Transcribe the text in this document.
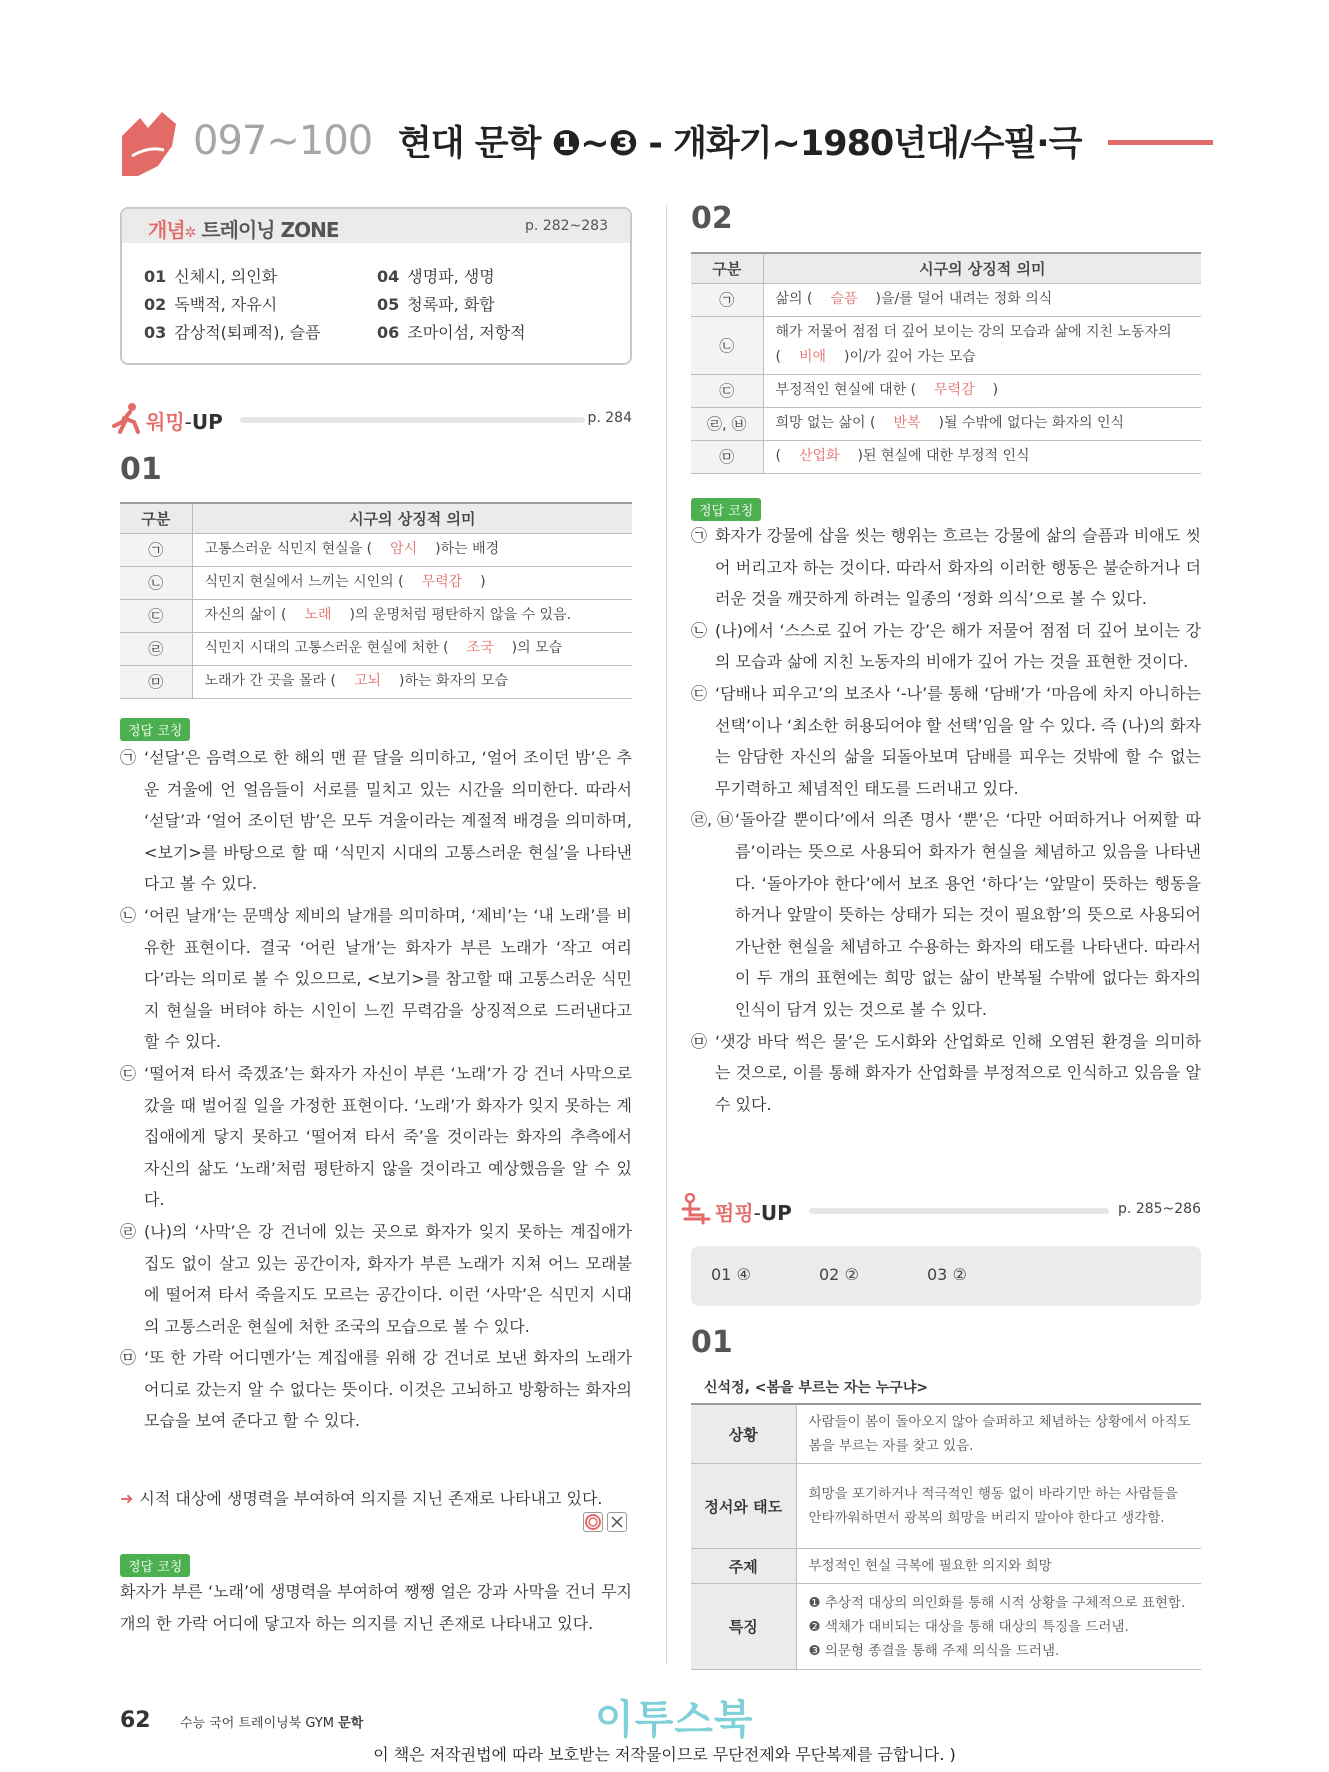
097~100 현대 문학 ❶~❸ - 개화기~1980년대/수필·극
개념✲ 트레이닝 ZONE	p. 282~283
01 신체시, 의인화
02 독백적, 자유시
03 감상적(퇴폐적), 슬픔
04 생명파, 생명
05 청록파, 화합
06 조마이섬, 저항적
워밍-UP	p. 284
01
구분	시구의 상징적 의미
㉠	고통스러운 식민지 현실을 ( 암시 )하는 배경
㉡	식민지 현실에서 느끼는 시인의 ( 무력감 )
㉢	자신의 삶이 ( 노래 )의 운명처럼 평탄하지 않을 수 있음.
㉣	식민지 시대의 고통스러운 현실에 처한 ( 조국 )의 모습
㉤	노래가 간 곳을 몰라 ( 고뇌 )하는 화자의 모습
정답 코칭

㉠ ‘섣달’은 음력으로 한 해의 맨 끝 달을 의미하고, ‘얼어 조이던 밤’은 추운 겨울에 언 얼음들이 서로를 밀치고 있는 시간을 의미한다. 따라서 ‘섣달’과 ‘얼어 조이던 밤’은 모두 겨울이라는 계절적 배경을 의미하며, <보기>를 바탕으로 할 때 ‘식민지 시대의 고통스러운 현실’을 나타낸다고 볼 수 있다.

㉡ ‘어린 날개’는 문맥상 제비의 날개를 의미하며, ‘제비’는 ‘내 노래’를 비유한 표현이다. 결국 ‘어린 날개’는 화자가 부른 노래가 ‘작고 여리다’라는 의미로 볼 수 있으므로, <보기>를 참고할 때 고통스러운 식민지 현실을 버텨야 하는 시인이 느낀 무력감을 상징적으로 드러낸다고 할 수 있다.

㉢ ‘떨어져 타서 죽겠죠’는 화자가 자신이 부른 ‘노래’가 강 건너 사막으로 갔을 때 벌어질 일을 가정한 표현이다. ‘노래’가 화자가 잊지 못하는 계집애에게 닿지 못하고 ‘떨어져 타서 죽’을 것이라는 화자의 추측에서 자신의 삶도 ‘노래’처럼 평탄하지 않을 것이라고 예상했음을 알 수 있다.

㉣ (나)의 ‘사막’은 강 건너에 있는 곳으로 화자가 잊지 못하는 계집애가 집도 없이 살고 있는 공간이자, 화자가 부른 노래가 지쳐 어느 모래불에 떨어져 타서 죽을지도 모르는 공간이다. 이런 ‘사막’은 식민지 시대의 고통스러운 현실에 처한 조국의 모습으로 볼 수 있다.

㉤ ‘또 한 가락 어디멘가’는 계집애를 위해 강 건너로 보낸 화자의 노래가 어디로 갔는지 알 수 없다는 뜻이다. 이것은 고뇌하고 방황하는 화자의 모습을 보여 준다고 할 수 있다.

➜ 시적 대상에 생명력을 부여하여 의지를 지닌 존재로 나타내고 있다.
정답 코칭
화자가 부른 ‘노래’에 생명력을 부여하여 쨍쨍 얼은 강과 사막을 건너 무지개의 한 가락 어디에 닿고자 하는 의지를 지닌 존재로 나타내고 있다.
02
구분	시구의 상징적 의미
㉠	삶의 ( 슬픔 )을/를 덜어 내려는 정화 의식
㉡	해가 저물어 점점 더 깊어 보이는 강의 모습과 삶에 지친 노동자의
( 비애 )이/가 깊어 가는 모습
㉢	부정적인 현실에 대한 ( 무력감 )
㉣, ㉥	희망 없는 삶이 ( 반복 )될 수밖에 없다는 화자의 인식
㉤	( 산업화 )된 현실에 대한 부정적 인식
정답 코칭

㉠ 화자가 강물에 삽을 씻는 행위는 흐르는 강물에 삶의 슬픔과 비애도 씻어 버리고자 하는 것이다. 따라서 화자의 이러한 행동은 불순하거나 더러운 것을 깨끗하게 하려는 일종의 ‘정화 의식’으로 볼 수 있다.

㉡ (나)에서 ‘스스로 깊어 가는 강’은 해가 저물어 점점 더 깊어 보이는 강의 모습과 삶에 지친 노동자의 비애가 깊어 가는 것을 표현한 것이다.

㉢ ‘담배나 피우고’의 보조사 ‘-나’를 통해 ‘담배’가 ‘마음에 차지 아니하는 선택’이나 ‘최소한 허용되어야 할 선택’임을 알 수 있다. 즉 (나)의 화자는 암담한 자신의 삶을 되돌아보며 담배를 피우는 것밖에 할 수 없는 무기력하고 체념적인 태도를 드러내고 있다.

㉣, ㉥ ‘돌아갈 뿐이다’에서 의존 명사 ‘뿐’은 ‘다만 어떠하거나 어찌할 따름’이라는 뜻으로 사용되어 화자가 현실을 체념하고 있음을 나타낸다. ‘돌아가야 한다’에서 보조 용언 ‘하다’는 ‘앞말이 뜻하는 행동을 하거나 앞말이 뜻하는 상태가 되는 것이 필요함’의 뜻으로 사용되어 가난한 현실을 체념하고 수용하는 화자의 태도를 나타낸다. 따라서 이 두 개의 표현에는 희망 없는 삶이 반복될 수밖에 없다는 화자의 인식이 담겨 있는 것으로 볼 수 있다.

㉤ ‘샛강 바닥 썩은 물’은 도시화와 산업화로 인해 오염된 환경을 의미하는 것으로, 이를 통해 화자가 산업화를 부정적으로 인식하고 있음을 알 수 있다.

펌핑-UP	p. 285~286
01 ④	02 ②	03 ②
01
신석정, <봄을 부르는 자는 누구냐>
상황	사람들이 봄이 돌아오지 않아 슬퍼하고 체념하는 상황에서 아직도 봄을 부르는 자를 찾고 있음.
정서와 태도	희망을 포기하거나 적극적인 행동 없이 바라기만 하는 사람들을 안타까워하면서 광복의 희망을 버리지 말아야 한다고 생각함.
주제	부정적인 현실 극복에 필요한 의지와 희망
특징	❶ 추상적 대상의 의인화를 통해 시적 상황을 구체적으로 표현함.
❷ 색채가 대비되는 대상을 통해 대상의 특징을 드러냄.
❸ 의문형 종결을 통해 주제 의식을 드러냄.
62 수능 국어 트레이닝북 GYM 문학	이투스북
이 책은 저작권법에 따라 보호받는 저작물이므로 무단전제와 무단복제를 금합니다. )
